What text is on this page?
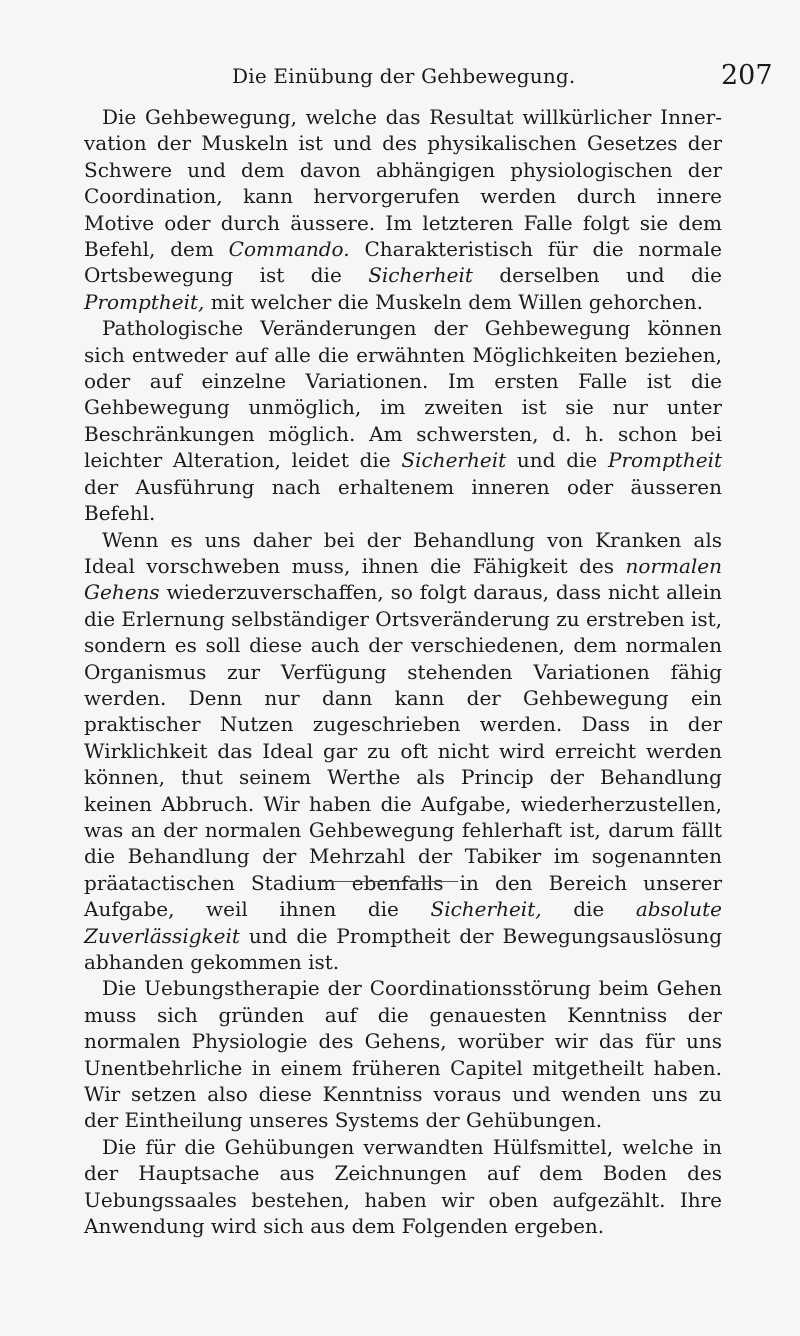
Die Einübung der Gehbewegung.	207

Die Gehbewegung, welche das Resultat willkürlicher Innervation der Muskeln ist und des physikalischen Gesetzes der Schwere und dem davon abhängigen physiologischen der Coordination, kann hervorgerufen werden durch innere Motive oder durch äussere. Im letzteren Falle folgt sie dem Befehl, dem Commando. Charakteristisch für die normale Ortsbewegung ist die Sicherheit derselben und die Promptheit, mit welcher die Muskeln dem Willen gehorchen.

Pathologische Veränderungen der Gehbewegung können sich entweder auf alle die erwähnten Möglichkeiten beziehen, oder auf einzelne Variationen. Im ersten Falle ist die Gehbewegung unmöglich, im zweiten ist sie nur unter Beschränkungen möglich. Am schwersten, d. h. schon bei leichter Alteration, leidet die Sicherheit und die Promptheit der Ausführung nach erhaltenem inneren oder äusseren Befehl.

Wenn es uns daher bei der Behandlung von Kranken als Ideal vorschweben muss, ihnen die Fähigkeit des normalen Gehens wiederzuverschaffen, so folgt daraus, dass nicht allein die Erlernung selbständiger Ortsveränderung zu erstreben ist, sondern es soll diese auch der verschiedenen, dem normalen Organismus zur Verfügung stehenden Variationen fähig werden. Denn nur dann kann der Gehbewegung ein praktischer Nutzen zugeschrieben werden. Dass in der Wirklichkeit das Ideal gar zu oft nicht wird erreicht werden können, thut seinem Werthe als Princip der Behandlung keinen Abbruch. Wir haben die Aufgabe, wiederherzustellen, was an der normalen Gehbewegung fehlerhaft ist, darum fällt die Behandlung der Mehrzahl der Tabiker im sogenannten präatactischen Stadium ebenfalls in den Bereich unserer Aufgabe, weil ihnen die Sicherheit, die absolute Zuverlässigkeit und die Promptheit der Bewegungsauslösung abhanden gekommen ist.

Die Uebungstherapie der Coordinationsstörung beim Gehen muss sich gründen auf die genauesten Kenntniss der normalen Physiologie des Gehens, worüber wir das für uns Unentbehrliche in einem früheren Capitel mitgetheilt haben. Wir setzen also diese Kenntniss voraus und wenden uns zu der Eintheilung unseres Systems der Gehübungen.

Die für die Gehübungen verwandten Hülfsmittel, welche in der Hauptsache aus Zeichnungen auf dem Boden des Uebungssaales bestehen, haben wir oben aufgezählt. Ihre Anwendung wird sich aus dem Folgenden ergeben.
